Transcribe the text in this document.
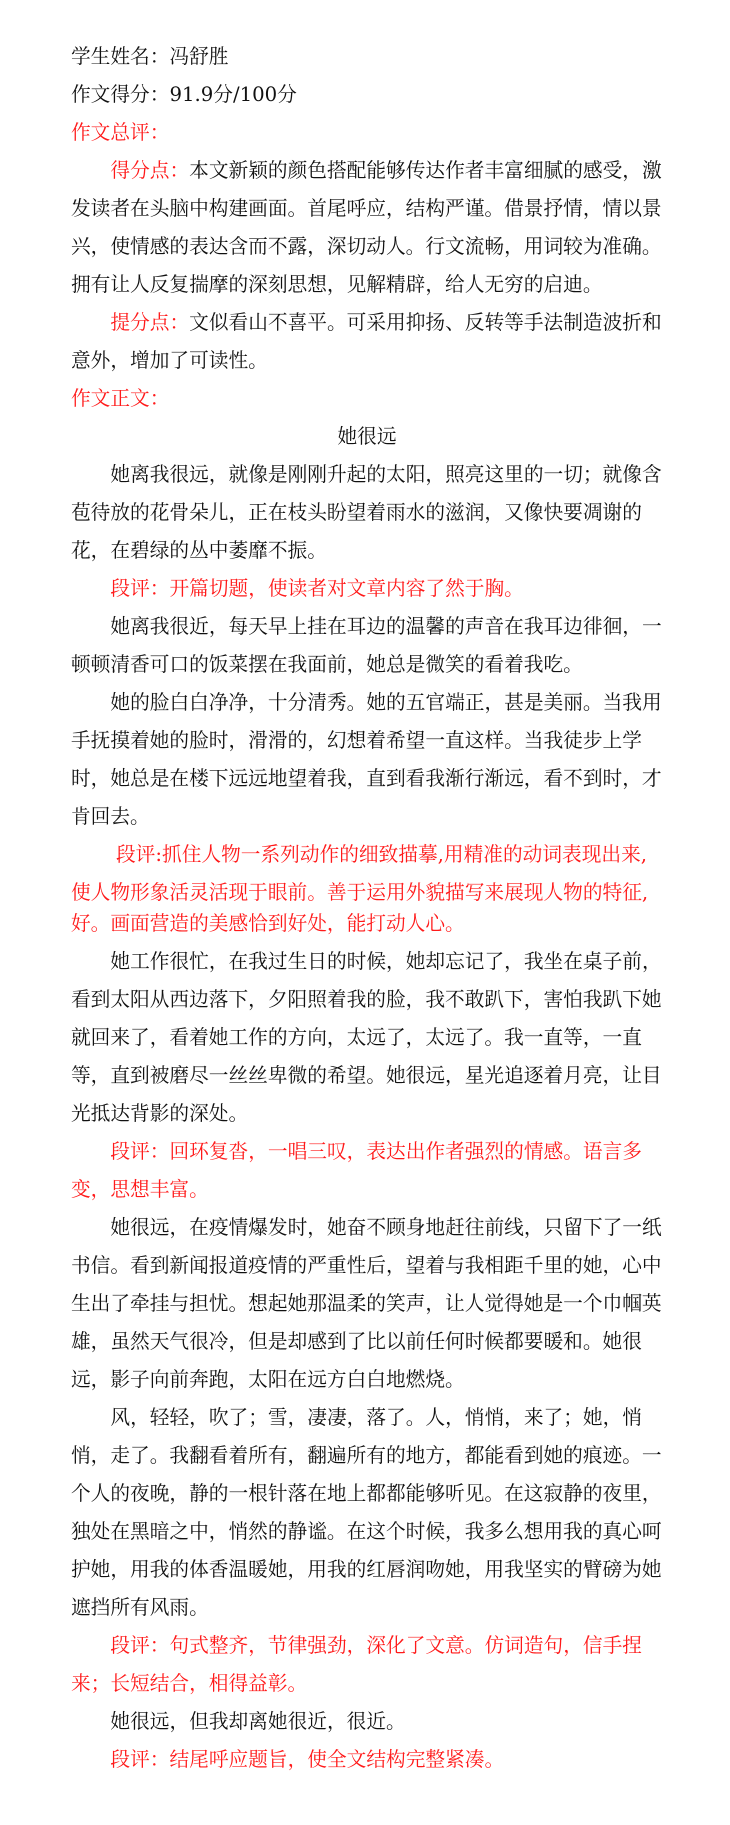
学生姓名：冯舒胜

作文得分：91.9分/100分

作文总评：

得分点：本文新颖的颜色搭配能够传达作者丰富细腻的感受，激发读者在头脑中构建画面。首尾呼应，结构严谨。借景抒情，情以景兴，使情感的表达含而不露，深切动人。行文流畅，用词较为准确。拥有让人反复揣摩的深刻思想，见解精辟，给人无穷的启迪。

提分点：文似看山不喜平。可采用抑扬、反转等手法制造波折和意外，增加了可读性。

作文正文：

她很远

她离我很远，就像是刚刚升起的太阳，照亮这里的一切；就像含苞待放的花骨朵儿，正在枝头盼望着雨水的滋润，又像快要凋谢的花，在碧绿的丛中萎靡不振。

段评：开篇切题，使读者对文章内容了然于胸。

她离我很近，每天早上挂在耳边的温馨的声音在我耳边徘徊，一顿顿清香可口的饭菜摆在我面前，她总是微笑的看着我吃。

她的脸白白净净，十分清秀。她的五官端正，甚是美丽。当我用手抚摸着她的脸时，滑滑的，幻想着希望一直这样。当我徒步上学时，她总是在楼下远远地望着我，直到看我渐行渐远，看不到时，才肯回去。

段评:抓住人物一系列动作的细致描摹,用精准的动词表现出来,
使人物形象活灵活现于眼前。善于运用外貌描写来展现人物的特征,
好。画面营造的美感恰到好处，能打动人心。

她工作很忙，在我过生日的时候，她却忘记了，我坐在桌子前，看到太阳从西边落下，夕阳照着我的脸，我不敢趴下，害怕我趴下她就回来了，看着她工作的方向，太远了，太远了。我一直等，一直等，直到被磨尽一丝丝卑微的希望。她很远，星光追逐着月亮，让目光抵达背影的深处。

段评：回环复沓，一唱三叹，表达出作者强烈的情感。语言多变，思想丰富。

她很远，在疫情爆发时，她奋不顾身地赶往前线，只留下了一纸书信。看到新闻报道疫情的严重性后，望着与我相距千里的她，心中生出了牵挂与担忧。想起她那温柔的笑声，让人觉得她是一个巾帼英雄，虽然天气很冷，但是却感到了比以前任何时候都要暖和。她很远，影子向前奔跑，太阳在远方白白地燃烧。

风，轻轻，吹了；雪，凄凄，落了。人，悄悄，来了；她，悄悄，走了。我翻看着所有，翻遍所有的地方，都能看到她的痕迹。一个人的夜晚，静的一根针落在地上都都能够听见。在这寂静的夜里，独处在黑暗之中，悄然的静谧。在这个时候，我多么想用我的真心呵护她，用我的体香温暖她，用我的红唇润吻她，用我坚实的臂磅为她遮挡所有风雨。

段评：句式整齐，节律强劲，深化了文意。仿词造句，信手捏来；长短结合，相得益彰。

她很远，但我却离她很近，很近。

段评：结尾呼应题旨，使全文结构完整紧凑。
